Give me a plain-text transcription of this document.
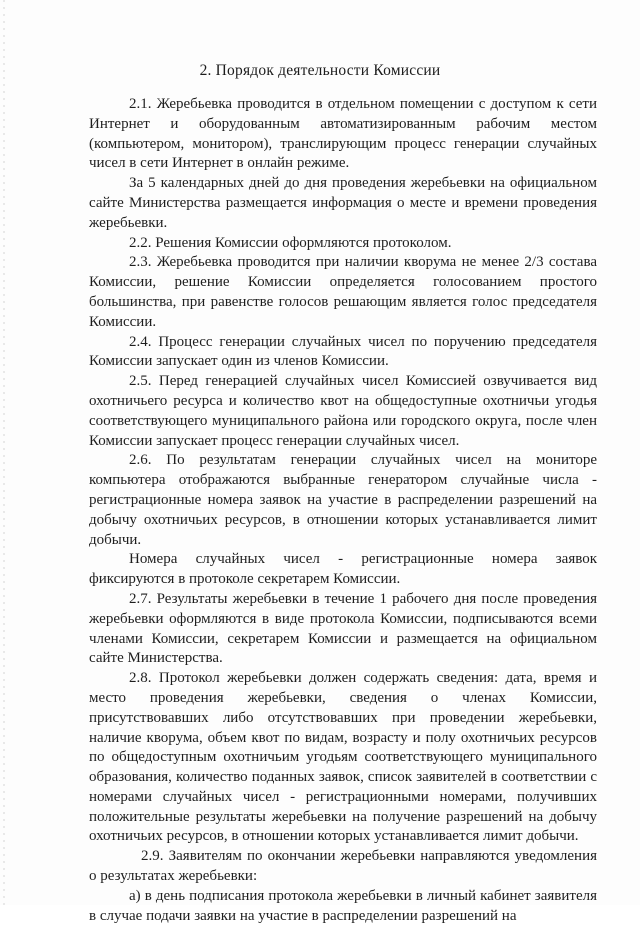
2. Порядок деятельности Комиссии

2.1. Жеребьевка проводится в отдельном помещении с доступом к сети Интернет и оборудованным автоматизированным рабочим местом (компьютером, монитором), транслирующим процесс генерации случайных чисел в сети Интернет в онлайн режиме.

За 5 календарных дней до дня проведения жеребьевки на официальном сайте Министерства размещается информация о месте и времени проведения жеребьевки.

2.2. Решения Комиссии оформляются протоколом.

2.3. Жеребьевка проводится при наличии кворума не менее 2/3 состава Комиссии, решение Комиссии определяется голосованием простого большинства, при равенстве голосов решающим является голос председателя Комиссии.

2.4. Процесс генерации случайных чисел по поручению председателя Комиссии запускает один из членов Комиссии.

2.5. Перед генерацией случайных чисел Комиссией озвучивается вид охотничьего ресурса и количество квот на общедоступные охотничьи угодья соответствующего муниципального района или городского округа, после член Комиссии запускает процесс генерации случайных чисел.

2.6. По результатам генерации случайных чисел на мониторе компьютера отображаются выбранные генератором случайные числа - регистрационные номера заявок на участие в распределении разрешений на добычу охотничьих ресурсов, в отношении которых устанавливается лимит добычи.

Номера случайных чисел - регистрационные номера заявок фиксируются в протоколе секретарем Комиссии.

2.7. Результаты жеребьевки в течение 1 рабочего дня после проведения жеребьевки оформляются в виде протокола Комиссии, подписываются всеми членами Комиссии, секретарем Комиссии и размещается на официальном сайте Министерства.

2.8. Протокол жеребьевки должен содержать сведения: дата, время и место проведения жеребьевки, сведения о членах Комиссии, присутствовавших либо отсутствовавших при проведении жеребьевки, наличие кворума, объем квот по видам, возрасту и полу охотничьих ресурсов по общедоступным охотничьим угодьям соответствующего муниципального образования, количество поданных заявок, список заявителей в соответствии с номерами случайных чисел - регистрационными номерами, получивших положительные результаты жеребьевки на получение разрешений на добычу охотничьих ресурсов, в отношении которых устанавливается лимит добычи.

2.9. Заявителям по окончании жеребьевки направляются уведомления о результатах жеребьевки:

а) в день подписания протокола жеребьевки в личный кабинет заявителя в случае подачи заявки на участие в распределении разрешений на
